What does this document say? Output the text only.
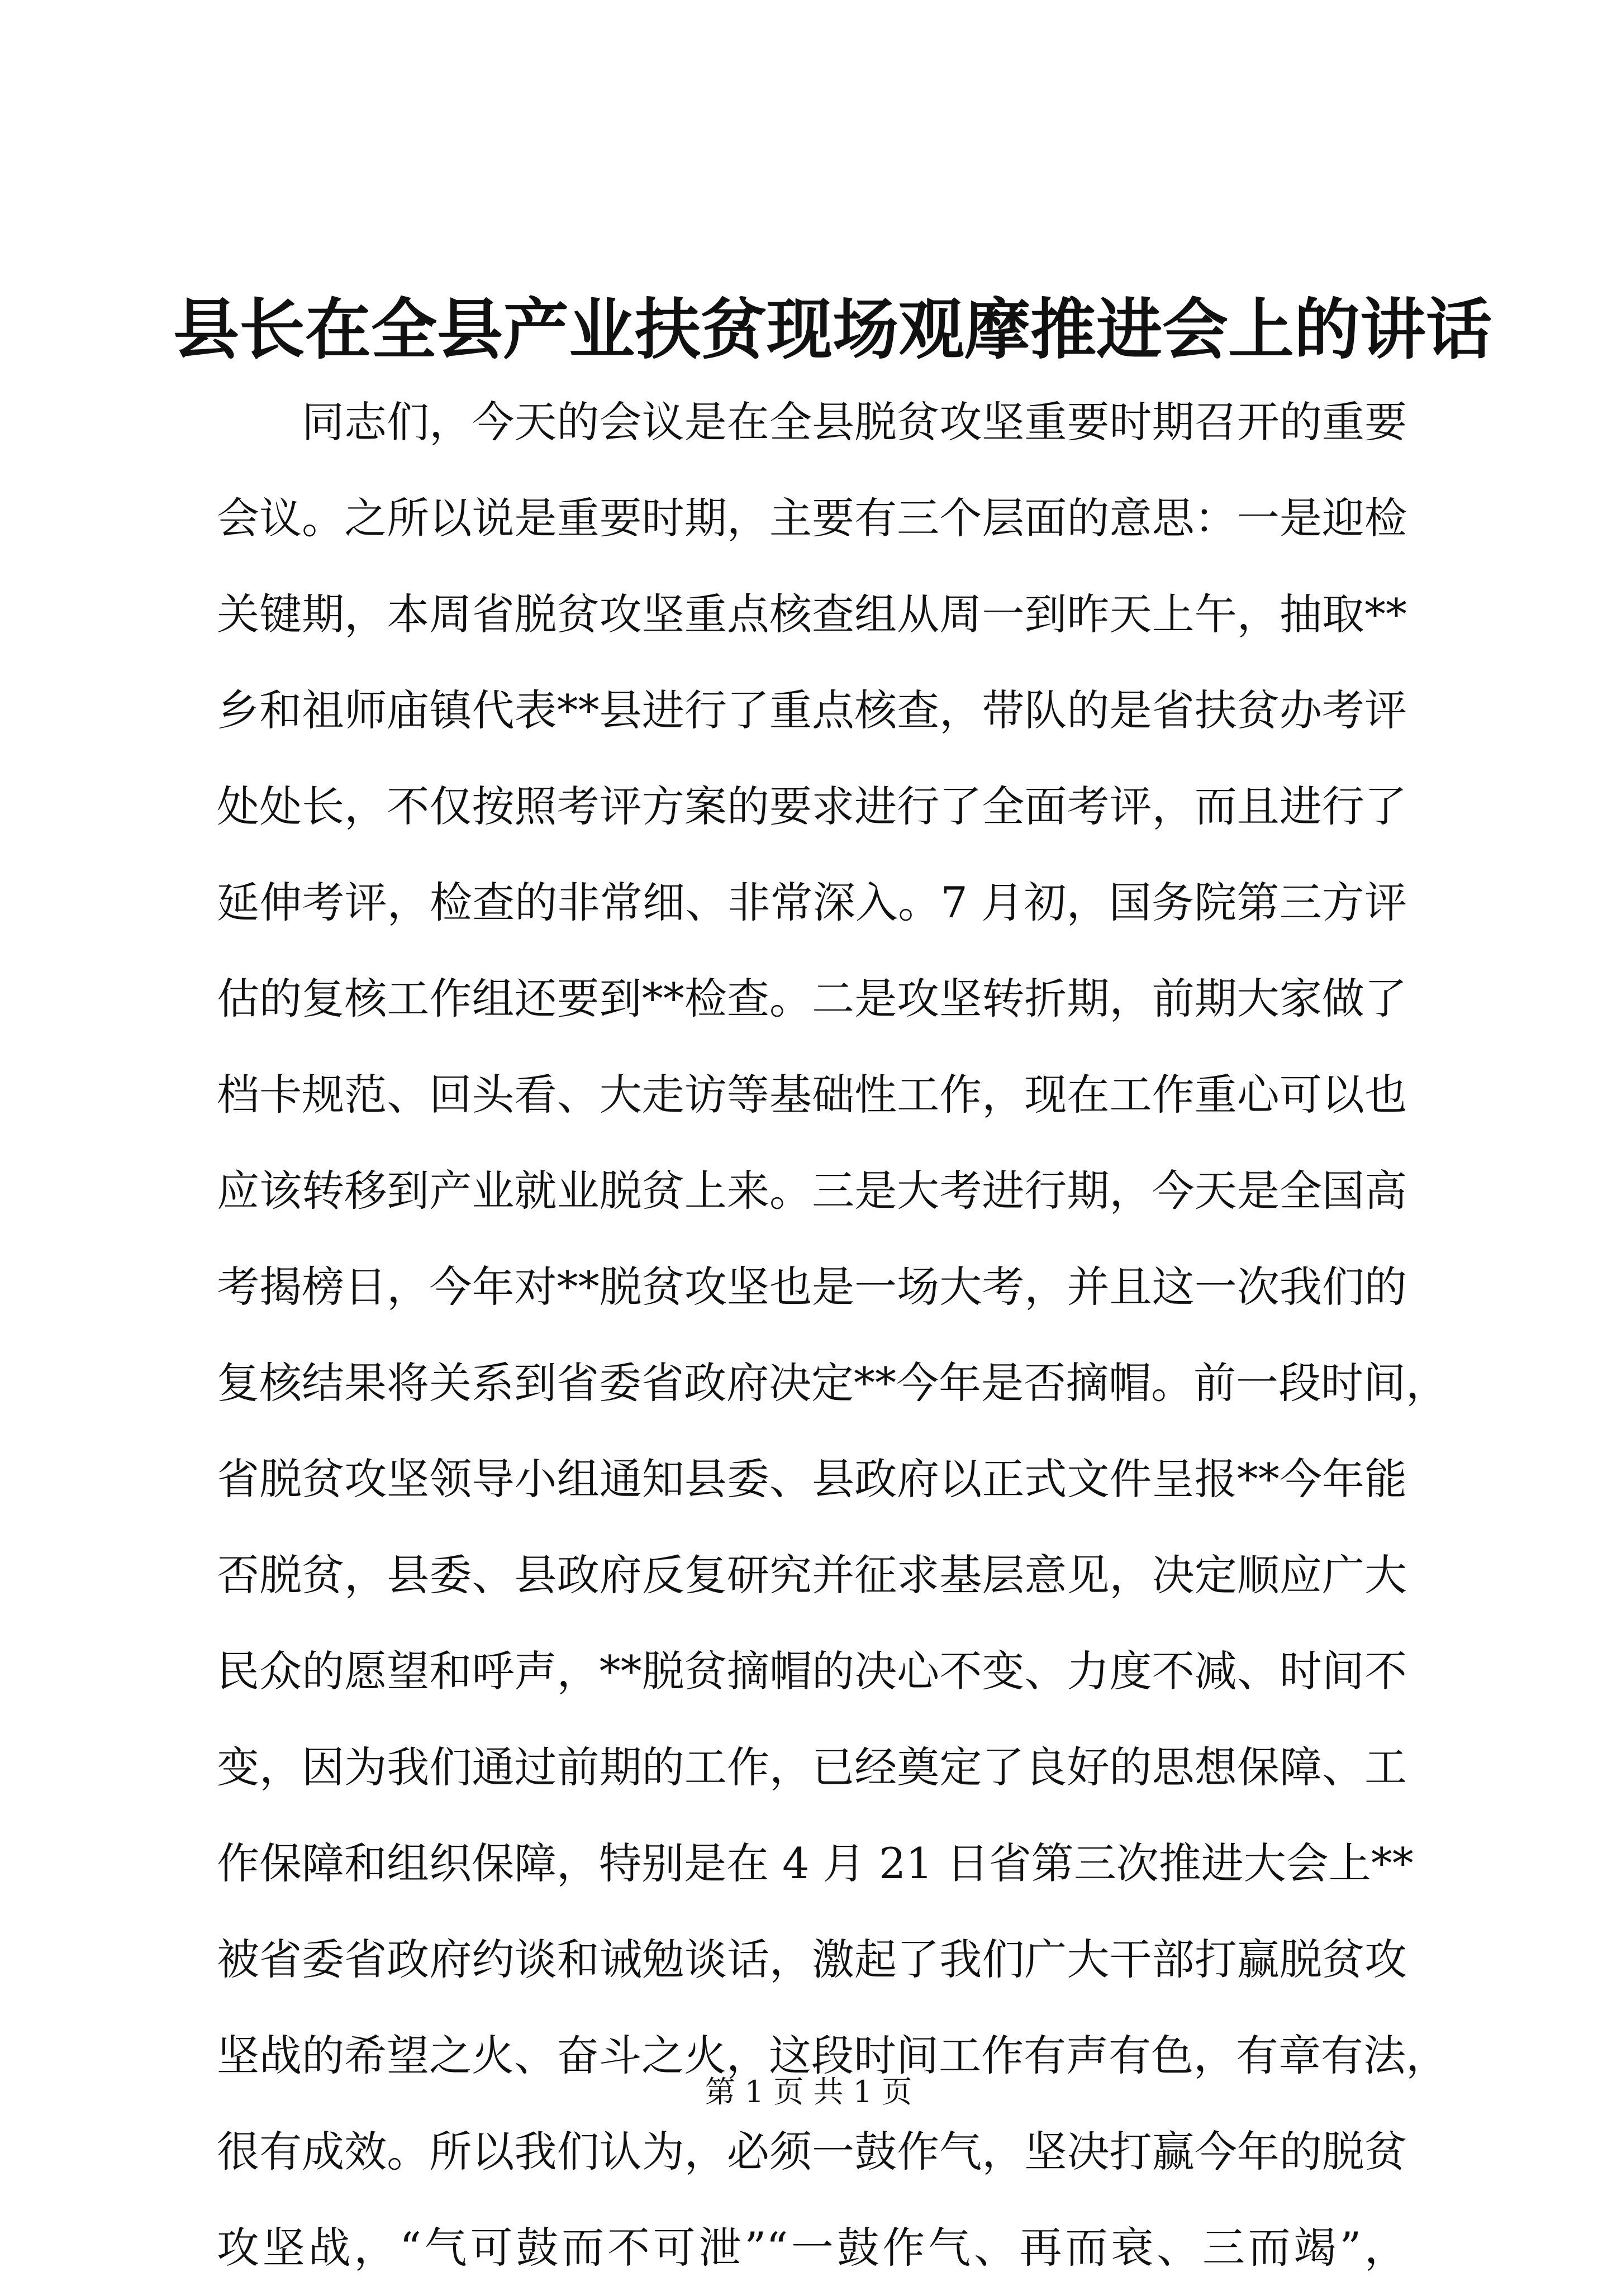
县长在全县产业扶贫现场观摩推进会上的讲话
同志们，今天的会议是在全县脱贫攻坚重要时期召开的重要
会议。之所以说是重要时期，主要有三个层面的意思：一是迎检
关键期，本周省脱贫攻坚重点核查组从周一到昨天上午，抽取**
乡和祖师庙镇代表**县进行了重点核查，带队的是省扶贫办考评
处处长，不仅按照考评方案的要求进行了全面考评，而且进行了
延伸考评，检查的非常细、非常深入。7 月初，国务院第三方评
估的复核工作组还要到**检查。二是攻坚转折期，前期大家做了
档卡规范、回头看、大走访等基础性工作，现在工作重心可以也
应该转移到产业就业脱贫上来。三是大考进行期，今天是全国高
考揭榜日，今年对**脱贫攻坚也是一场大考，并且这一次我们的
复核结果将关系到省委省政府决定**今年是否摘帽。前一段时间，
省脱贫攻坚领导小组通知县委、县政府以正式文件呈报**今年能
否脱贫，县委、县政府反复研究并征求基层意见，决定顺应广大
民众的愿望和呼声，**脱贫摘帽的决心不变、力度不减、时间不
变，因为我们通过前期的工作，已经奠定了良好的思想保障、工
作保障和组织保障，特别是在 4 月 21 日省第三次推进大会上**
被省委省政府约谈和诫勉谈话，激起了我们广大干部打赢脱贫攻
坚战的希望之火、奋斗之火，这段时间工作有声有色，有章有法，
很有成效。所以我们认为，必须一鼓作气，坚决打赢今年的脱贫
攻坚战，“气可鼓而不可泄”“一鼓作气、再而衰、三而竭”，
第 1 页 共 1 页
